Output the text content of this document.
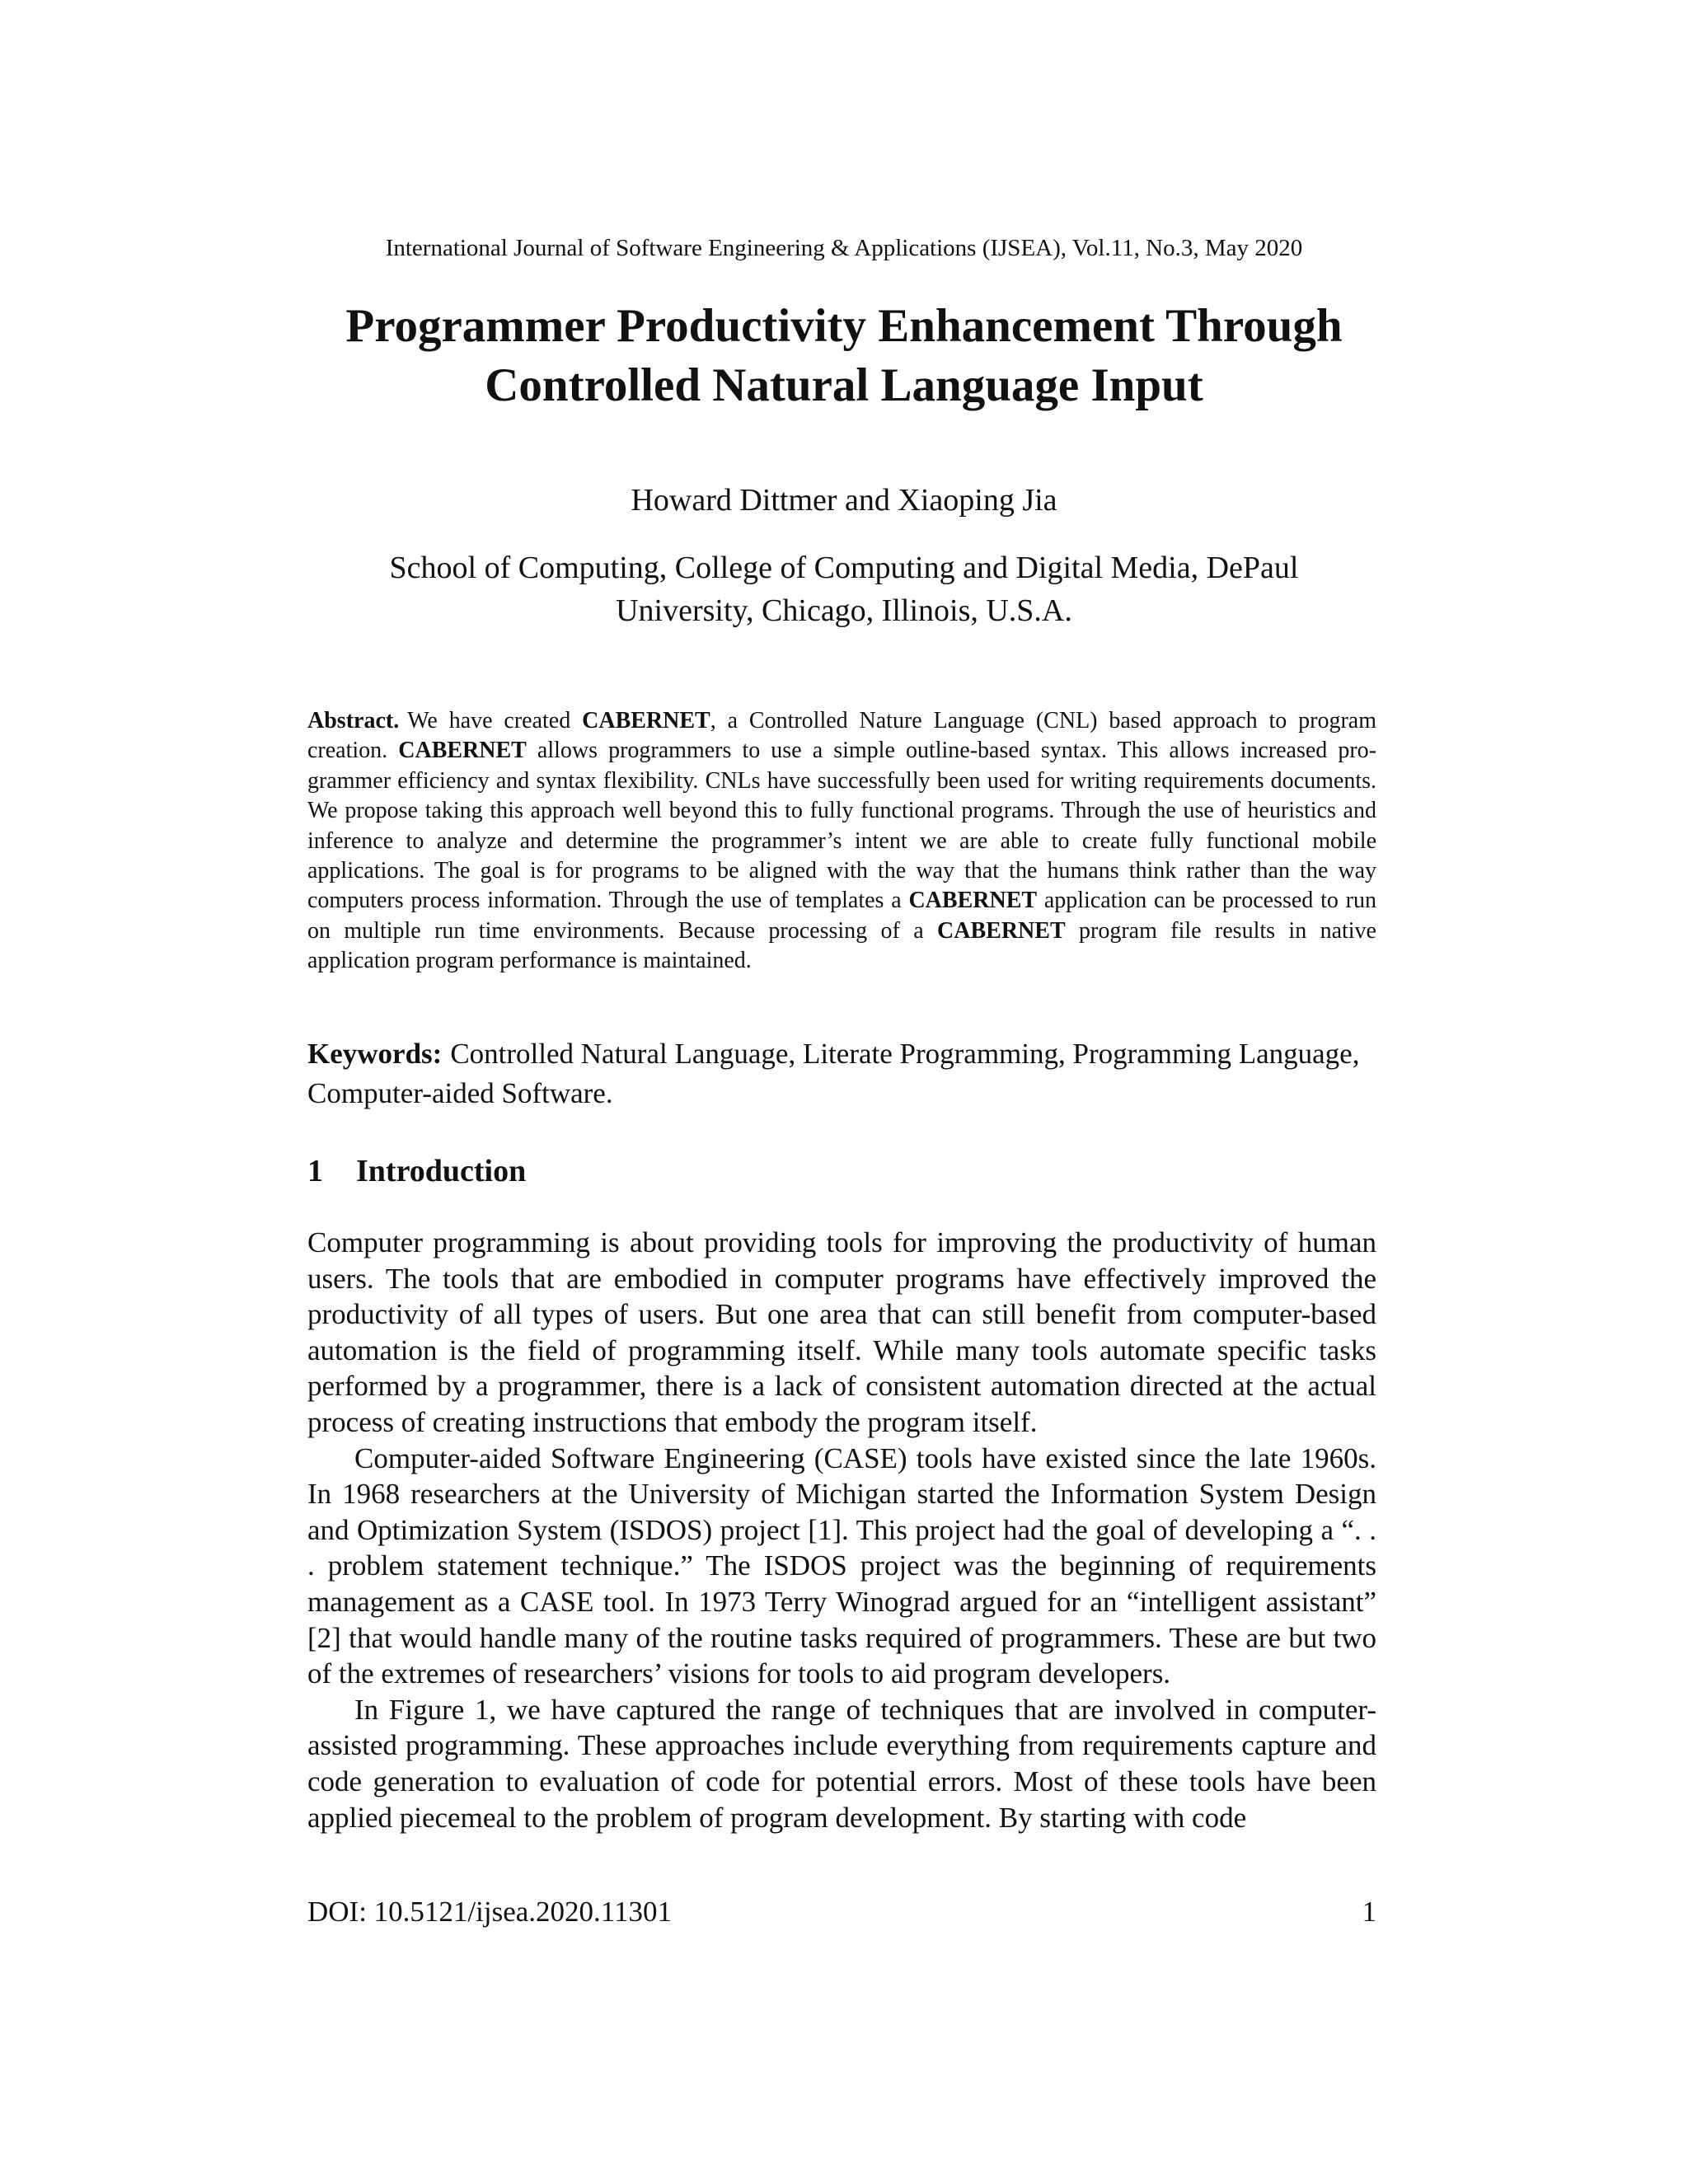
International Journal of Software Engineering & Applications (IJSEA), Vol.11, No.3, May 2020
Programmer Productivity Enhancement Through
Controlled Natural Language Input
Howard Dittmer and Xiaoping Jia
School of Computing, College of Computing and Digital Media, DePaul
University, Chicago, Illinois, U.S.A.
Abstract. We have created CABERNET, a Controlled Nature Language (CNL) based approach to program creation. CABERNET allows programmers to use a simple outline-based syntax. This allows increased programmer efficiency and syntax flexibility. CNLs have successfully been used for writing requirements documents. We propose taking this approach well beyond this to fully functional programs. Through the use of heuristics and inference to analyze and determine the programmer’s intent we are able to create fully functional mobile applications. The goal is for programs to be aligned with the way that the humans think rather than the way computers process information. Through the use of templates a CABERNET application can be processed to run on multiple run time environments. Because processing of a CABERNET program file results in native application program performance is maintained.
Keywords: Controlled Natural Language, Literate Programming, Programming Language, Computer-aided Software.
1 Introduction

Computer programming is about providing tools for improving the productivity of human users. The tools that are embodied in computer programs have effectively improved the productivity of all types of users. But one area that can still benefit from computer-based automation is the field of programming itself. While many tools automate specific tasks performed by a programmer, there is a lack of consistent automation directed at the actual process of creating instructions that embody the program itself.

Computer-aided Software Engineering (CASE) tools have existed since the late 1960s. In 1968 researchers at the University of Michigan started the Information System Design and Optimization System (ISDOS) project [1]. This project had the goal of developing a “. . . problem statement technique.” The ISDOS project was the beginning of requirements management as a CASE tool. In 1973 Terry Winograd argued for an “intelligent assistant” [2] that would handle many of the routine tasks required of programmers. These are but two of the extremes of researchers’ visions for tools to aid program developers.

In Figure 1, we have captured the range of techniques that are involved in computer-assisted programming. These approaches include everything from requirements capture and code generation to evaluation of code for potential errors. Most of these tools have been applied piecemeal to the problem of program development. By starting with code

DOI: 10.5121/ijsea.2020.11301	1
